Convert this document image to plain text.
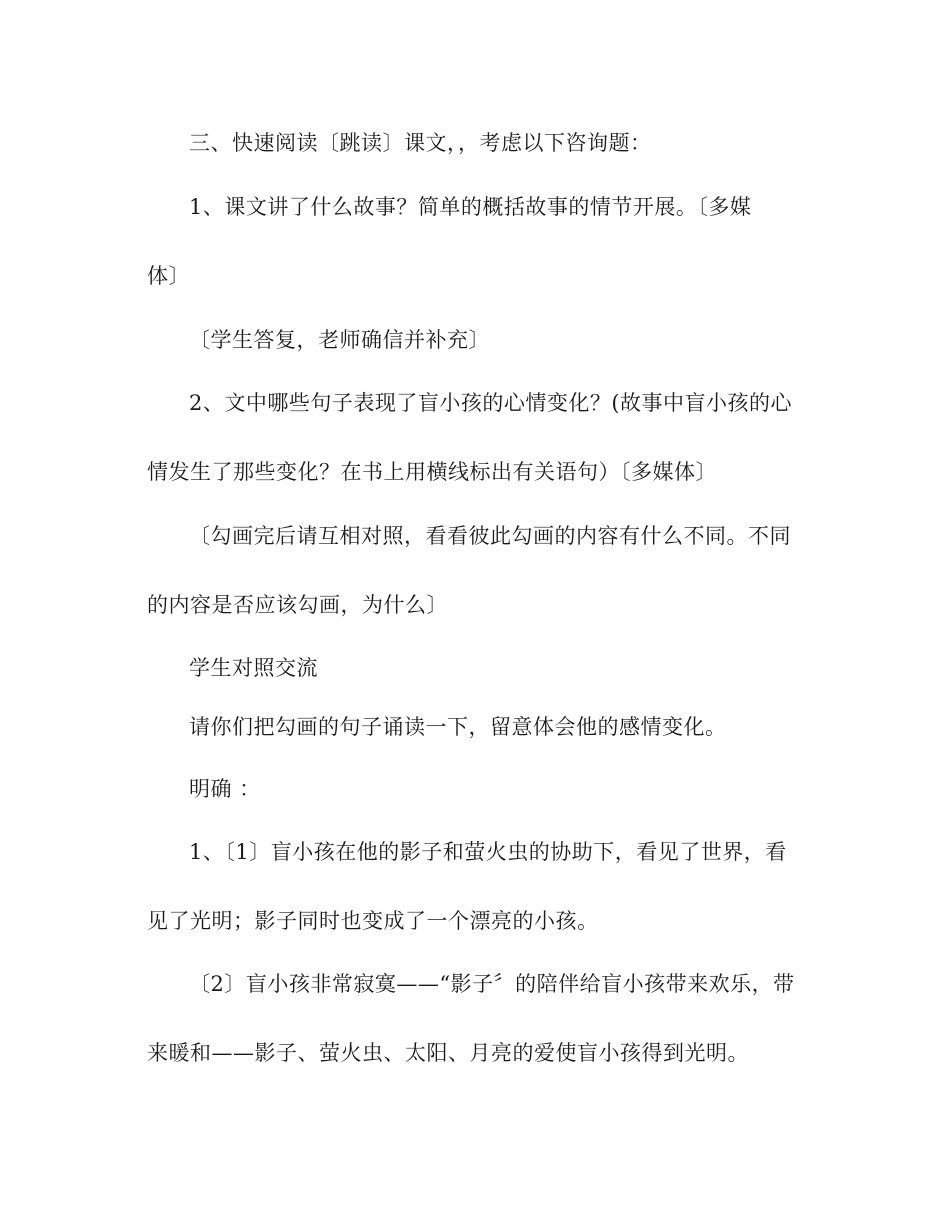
三、快速阅读〔跳读〕课文，，考虑以下咨询题：
1、课文讲了什么故事？简单的概括故事的情节开展。〔多媒
体〕
〔学生答复，老师确信并补充〕
2、文中哪些句子表现了盲小孩的心情变化？(故事中盲小孩的心
情发生了那些变化？在书上用横线标出有关语句）〔多媒体〕
〔勾画完后请互相对照，看看彼此勾画的内容有什么不同。不同
的内容是否应该勾画，为什么〕
学生对照交流
请你们把勾画的句子诵读一下，留意体会他的感情变化。
明确 ：
1、〔1〕盲小孩在他的影子和萤火虫的协助下，看见了世界，看
见了光明；影子同时也变成了一个漂亮的小孩。
〔2〕盲小孩非常寂寞——“影子〞的陪伴给盲小孩带来欢乐，带
来暖和——影子、萤火虫、太阳、月亮的爱使盲小孩得到光明。
